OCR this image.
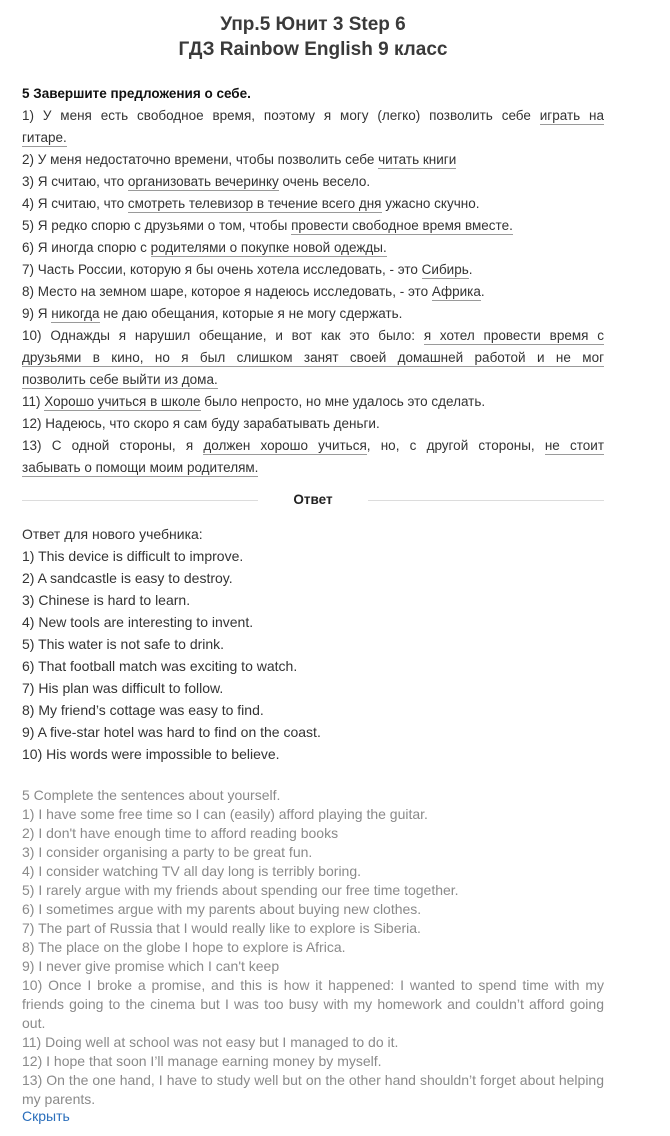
Упр.5 Юнит 3 Step 6
ГДЗ Rainbow English 9 класс
5 Завершите предложения о себе.
1) У меня есть свободное время, поэтому я могу (легко) позволить себе играть на
гитаре.
2) У меня недостаточно времени, чтобы позволить себе читать книги
3) Я считаю, что организовать вечеринку очень весело.
4) Я считаю, что смотреть телевизор в течение всего дня ужасно скучно.
5) Я редко спорю с друзьями о том, чтобы провести свободное время вместе.
6) Я иногда спорю с родителями о покупке новой одежды.
7) Часть России, которую я бы очень хотела исследовать, - это Сибирь.
8) Место на земном шаре, которое я надеюсь исследовать, - это Африка.
9) Я никогда не даю обещания, которые я не могу сдержать.
10) Однажды я нарушил обещание, и вот как это было: я хотел провести время с
друзьями в кино, но я был слишком занят своей домашней работой и не мог
позволить себе выйти из дома.
11) Хорошо учиться в школе было непросто, но мне удалось это сделать.
12) Надеюсь, что скоро я сам буду зарабатывать деньги.
13) С одной стороны, я должен хорошо учиться, но, с другой стороны, не стоит
забывать о помощи моим родителям.
Ответ
Ответ для нового учебника:
1) This device is difficult to improve.
2) A sandcastle is easy to destroy.
3) Chinese is hard to learn.
4) New tools are interesting to invent.
5) This water is not safe to drink.
6) That football match was exciting to watch.
7) His plan was difficult to follow.
8) My friend’s cottage was easy to find.
9) A five-star hotel was hard to find on the coast.
10) His words were impossible to believe.
5 Complete the sentences about yourself.
1) I have some free time so I can (easily) afford playing the guitar.
2) I don't have enough time to afford reading books
3) I consider organising a party to be great fun.
4) I consider watching TV all day long is terribly boring.
5) I rarely argue with my friends about spending our free time together.
6) I sometimes argue with my parents about buying new clothes.
7) The part of Russia that I would really like to explore is Siberia.
8) The place on the globe I hope to explore is Africa.
9) I never give promise which I can't keep
10) Once I broke a promise, and this is how it happened: I wanted to spend time with my friends going to the cinema but I was too busy with my homework and couldn’t afford going out.
11) Doing well at school was not easy but I managed to do it.
12) I hope that soon I’ll manage earning money by myself.
13) On the one hand, I have to study well but on the other hand shouldn’t forget about helping my parents.
Скрыть
